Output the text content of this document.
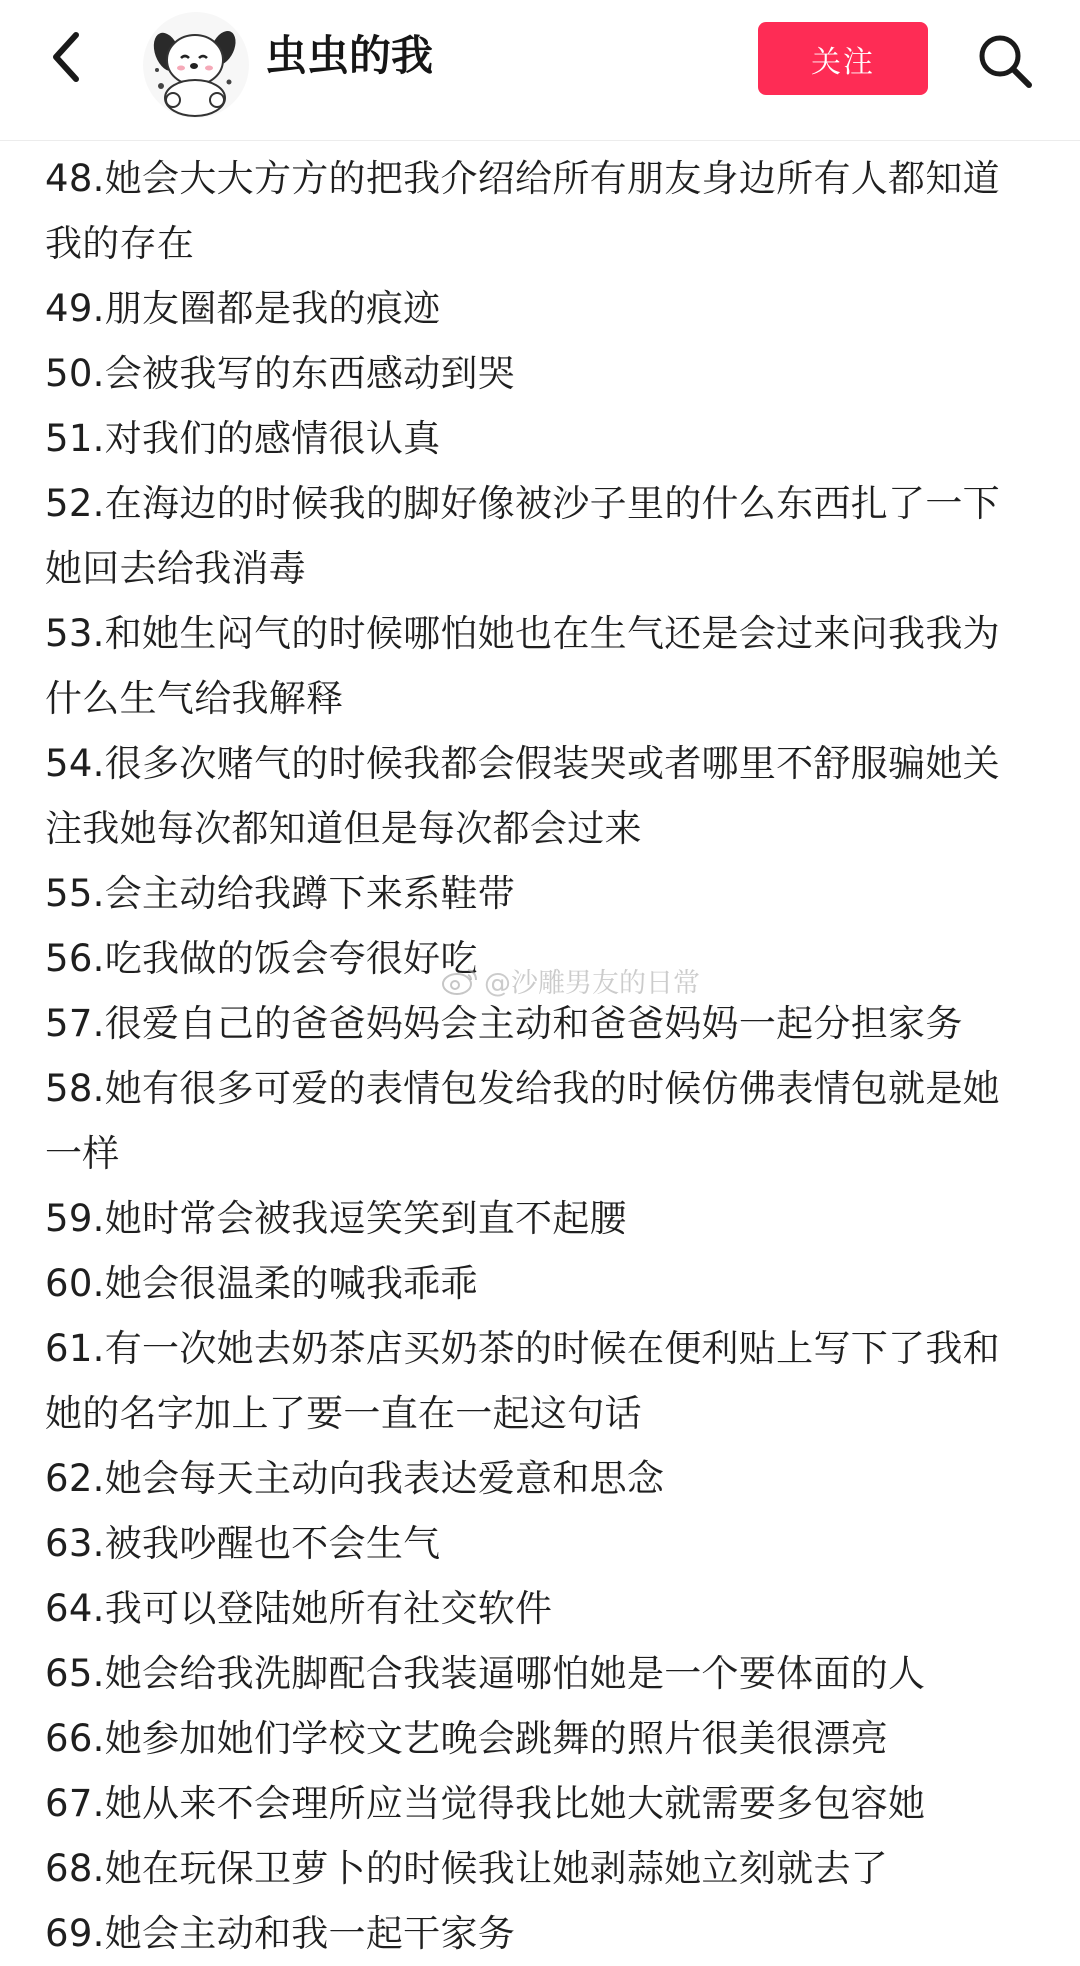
虫虫的我	关注
48.她会大大方方的把我介绍给所有朋友身边所有人都知道我的存在
49.朋友圈都是我的痕迹
50.会被我写的东西感动到哭
51.对我们的感情很认真
52.在海边的时候我的脚好像被沙子里的什么东西扎了一下她回去给我消毒
53.和她生闷气的时候哪怕她也在生气还是会过来问我我为什么生气给我解释
54.很多次赌气的时候我都会假装哭或者哪里不舒服骗她关注我她每次都知道但是每次都会过来
55.会主动给我蹲下来系鞋带
56.吃我做的饭会夸很好吃
57.很爱自己的爸爸妈妈会主动和爸爸妈妈一起分担家务
58.她有很多可爱的表情包发给我的时候仿佛表情包就是她一样
59.她时常会被我逗笑笑到直不起腰
60.她会很温柔的喊我乖乖
61.有一次她去奶茶店买奶茶的时候在便利贴上写下了我和她的名字加上了要一直在一起这句话
62.她会每天主动向我表达爱意和思念
63.被我吵醒也不会生气
64.我可以登陆她所有社交软件
65.她会给我洗脚配合我装逼哪怕她是一个要体面的人
66.她参加她们学校文艺晚会跳舞的照片很美很漂亮
67.她从来不会理所应当觉得我比她大就需要多包容她
68.她在玩保卫萝卜的时候我让她剥蒜她立刻就去了
69.她会主动和我一起干家务
@沙雕男友的日常
